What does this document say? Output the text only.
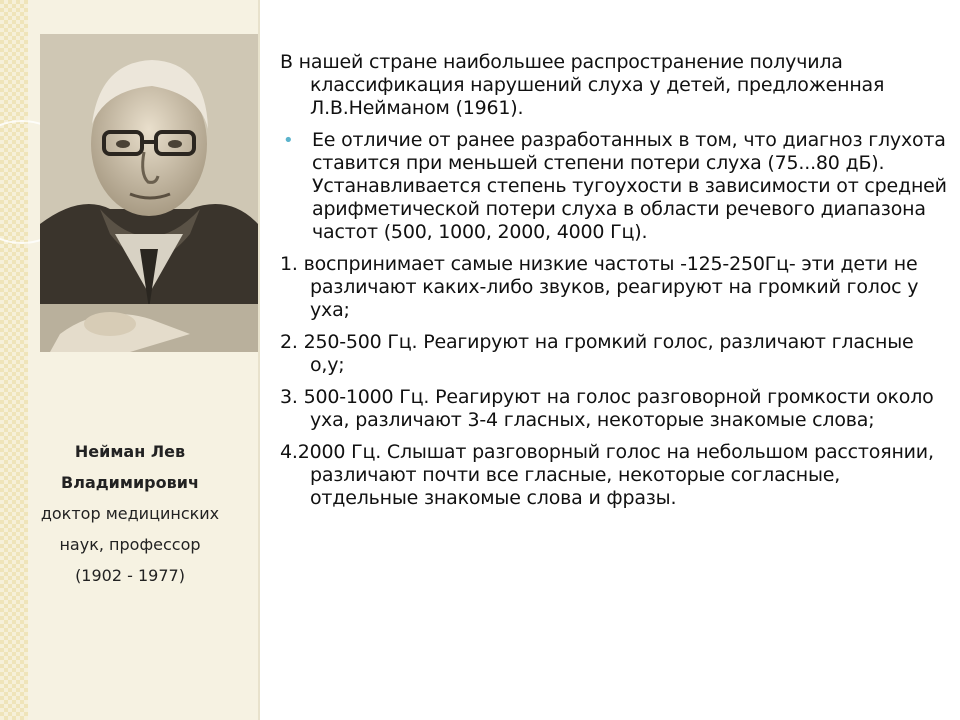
Нейман Лев
Владимирович
доктор медицинских
наук, профессор
(1902 - 1977)

В нашей стране наибольшее распространение получила классификация нарушений слуха у детей, предложенная Л.В.Нейманом (1961).

• Ее отличие от ранее разработанных в том, что диагноз глухота ставится при меньшей степени потери слуха (75...80 дБ). Устанавливается степень тугоухости в зависимости от средней арифметической потери слуха в области речевого диапазона частот (500, 1000, 2000, 4000 Гц).

1. воспринимает самые низкие частоты -125-250Гц- эти дети не различают каких-либо звуков, реагируют на громкий голос у уха;

2. 250-500 Гц. Реагируют на громкий голос, различают гласные о,у;

3. 500-1000 Гц. Реагируют на голос разговорной громкости около уха, различают 3-4 гласных, некоторые знакомые слова;

4.2000 Гц. Слышат разговорный голос на небольшом расстоянии, различают почти все гласные, некоторые согласные, отдельные знакомые слова и фразы.
